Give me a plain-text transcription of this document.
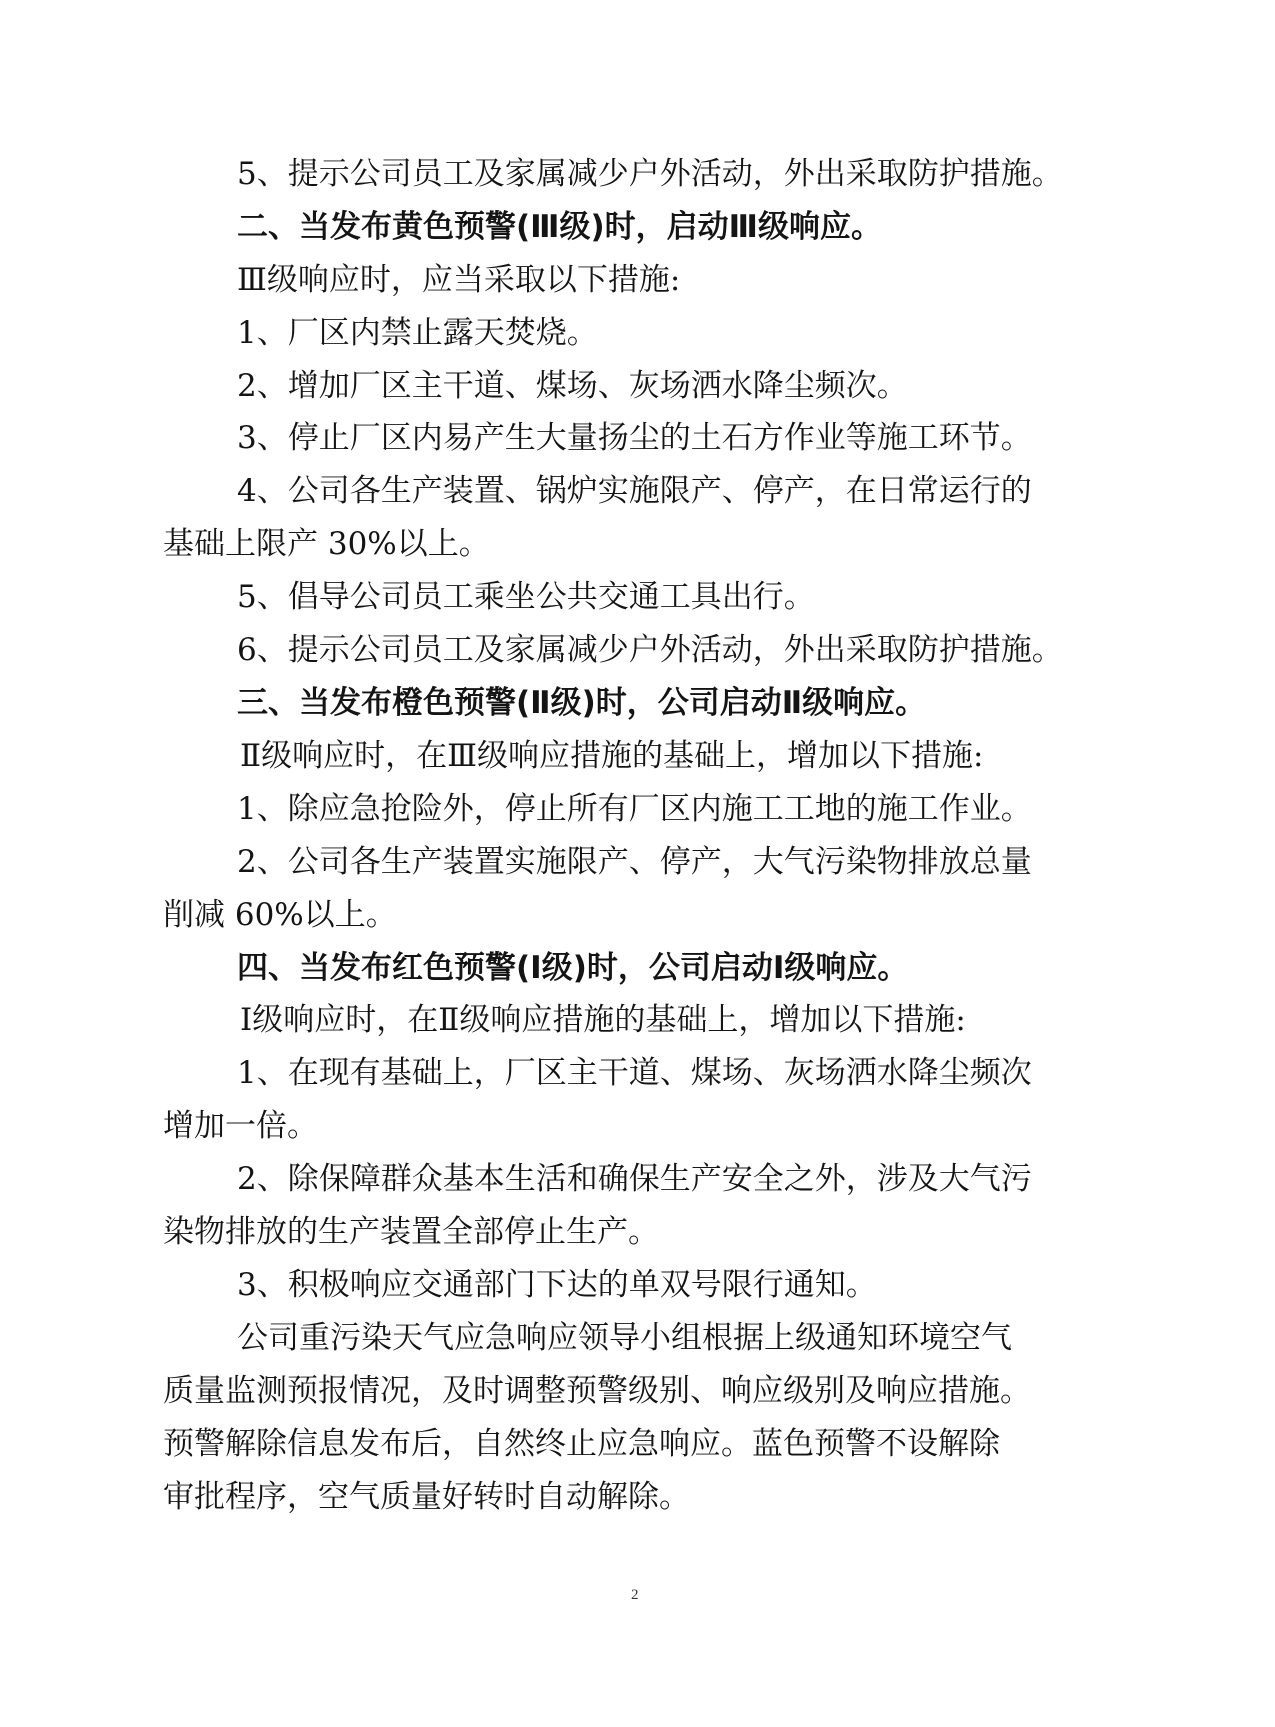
5、提示公司员工及家属减少户外活动，外出采取防护措施。
二、当发布黄色预警(Ⅲ级)时，启动Ⅲ级响应。
Ⅲ级响应时，应当采取以下措施:
1、厂区内禁止露天焚烧。
2、增加厂区主干道、煤场、灰场洒水降尘频次。
3、停止厂区内易产生大量扬尘的土石方作业等施工环节。
4、公司各生产装置、锅炉实施限产、停产，在日常运行的
基础上限产 30%以上。
5、倡导公司员工乘坐公共交通工具出行。
6、提示公司员工及家属减少户外活动，外出采取防护措施。
三、当发布橙色预警(Ⅱ级)时，公司启动Ⅱ级响应。
Ⅱ级响应时，在Ⅲ级响应措施的基础上，增加以下措施:
1、除应急抢险外，停止所有厂区内施工工地的施工作业。
2、公司各生产装置实施限产、停产，大气污染物排放总量
削减 60%以上。
四、当发布红色预警(Ⅰ级)时，公司启动Ⅰ级响应。
Ⅰ级响应时，在Ⅱ级响应措施的基础上，增加以下措施:
1、在现有基础上，厂区主干道、煤场、灰场洒水降尘频次
增加一倍。
2、除保障群众基本生活和确保生产安全之外，涉及大气污
染物排放的生产装置全部停止生产。
3、积极响应交通部门下达的单双号限行通知。
公司重污染天气应急响应领导小组根据上级通知环境空气
质量监测预报情况，及时调整预警级别、响应级别及响应措施。
预警解除信息发布后，自然终止应急响应。蓝色预警不设解除
审批程序，空气质量好转时自动解除。
2
